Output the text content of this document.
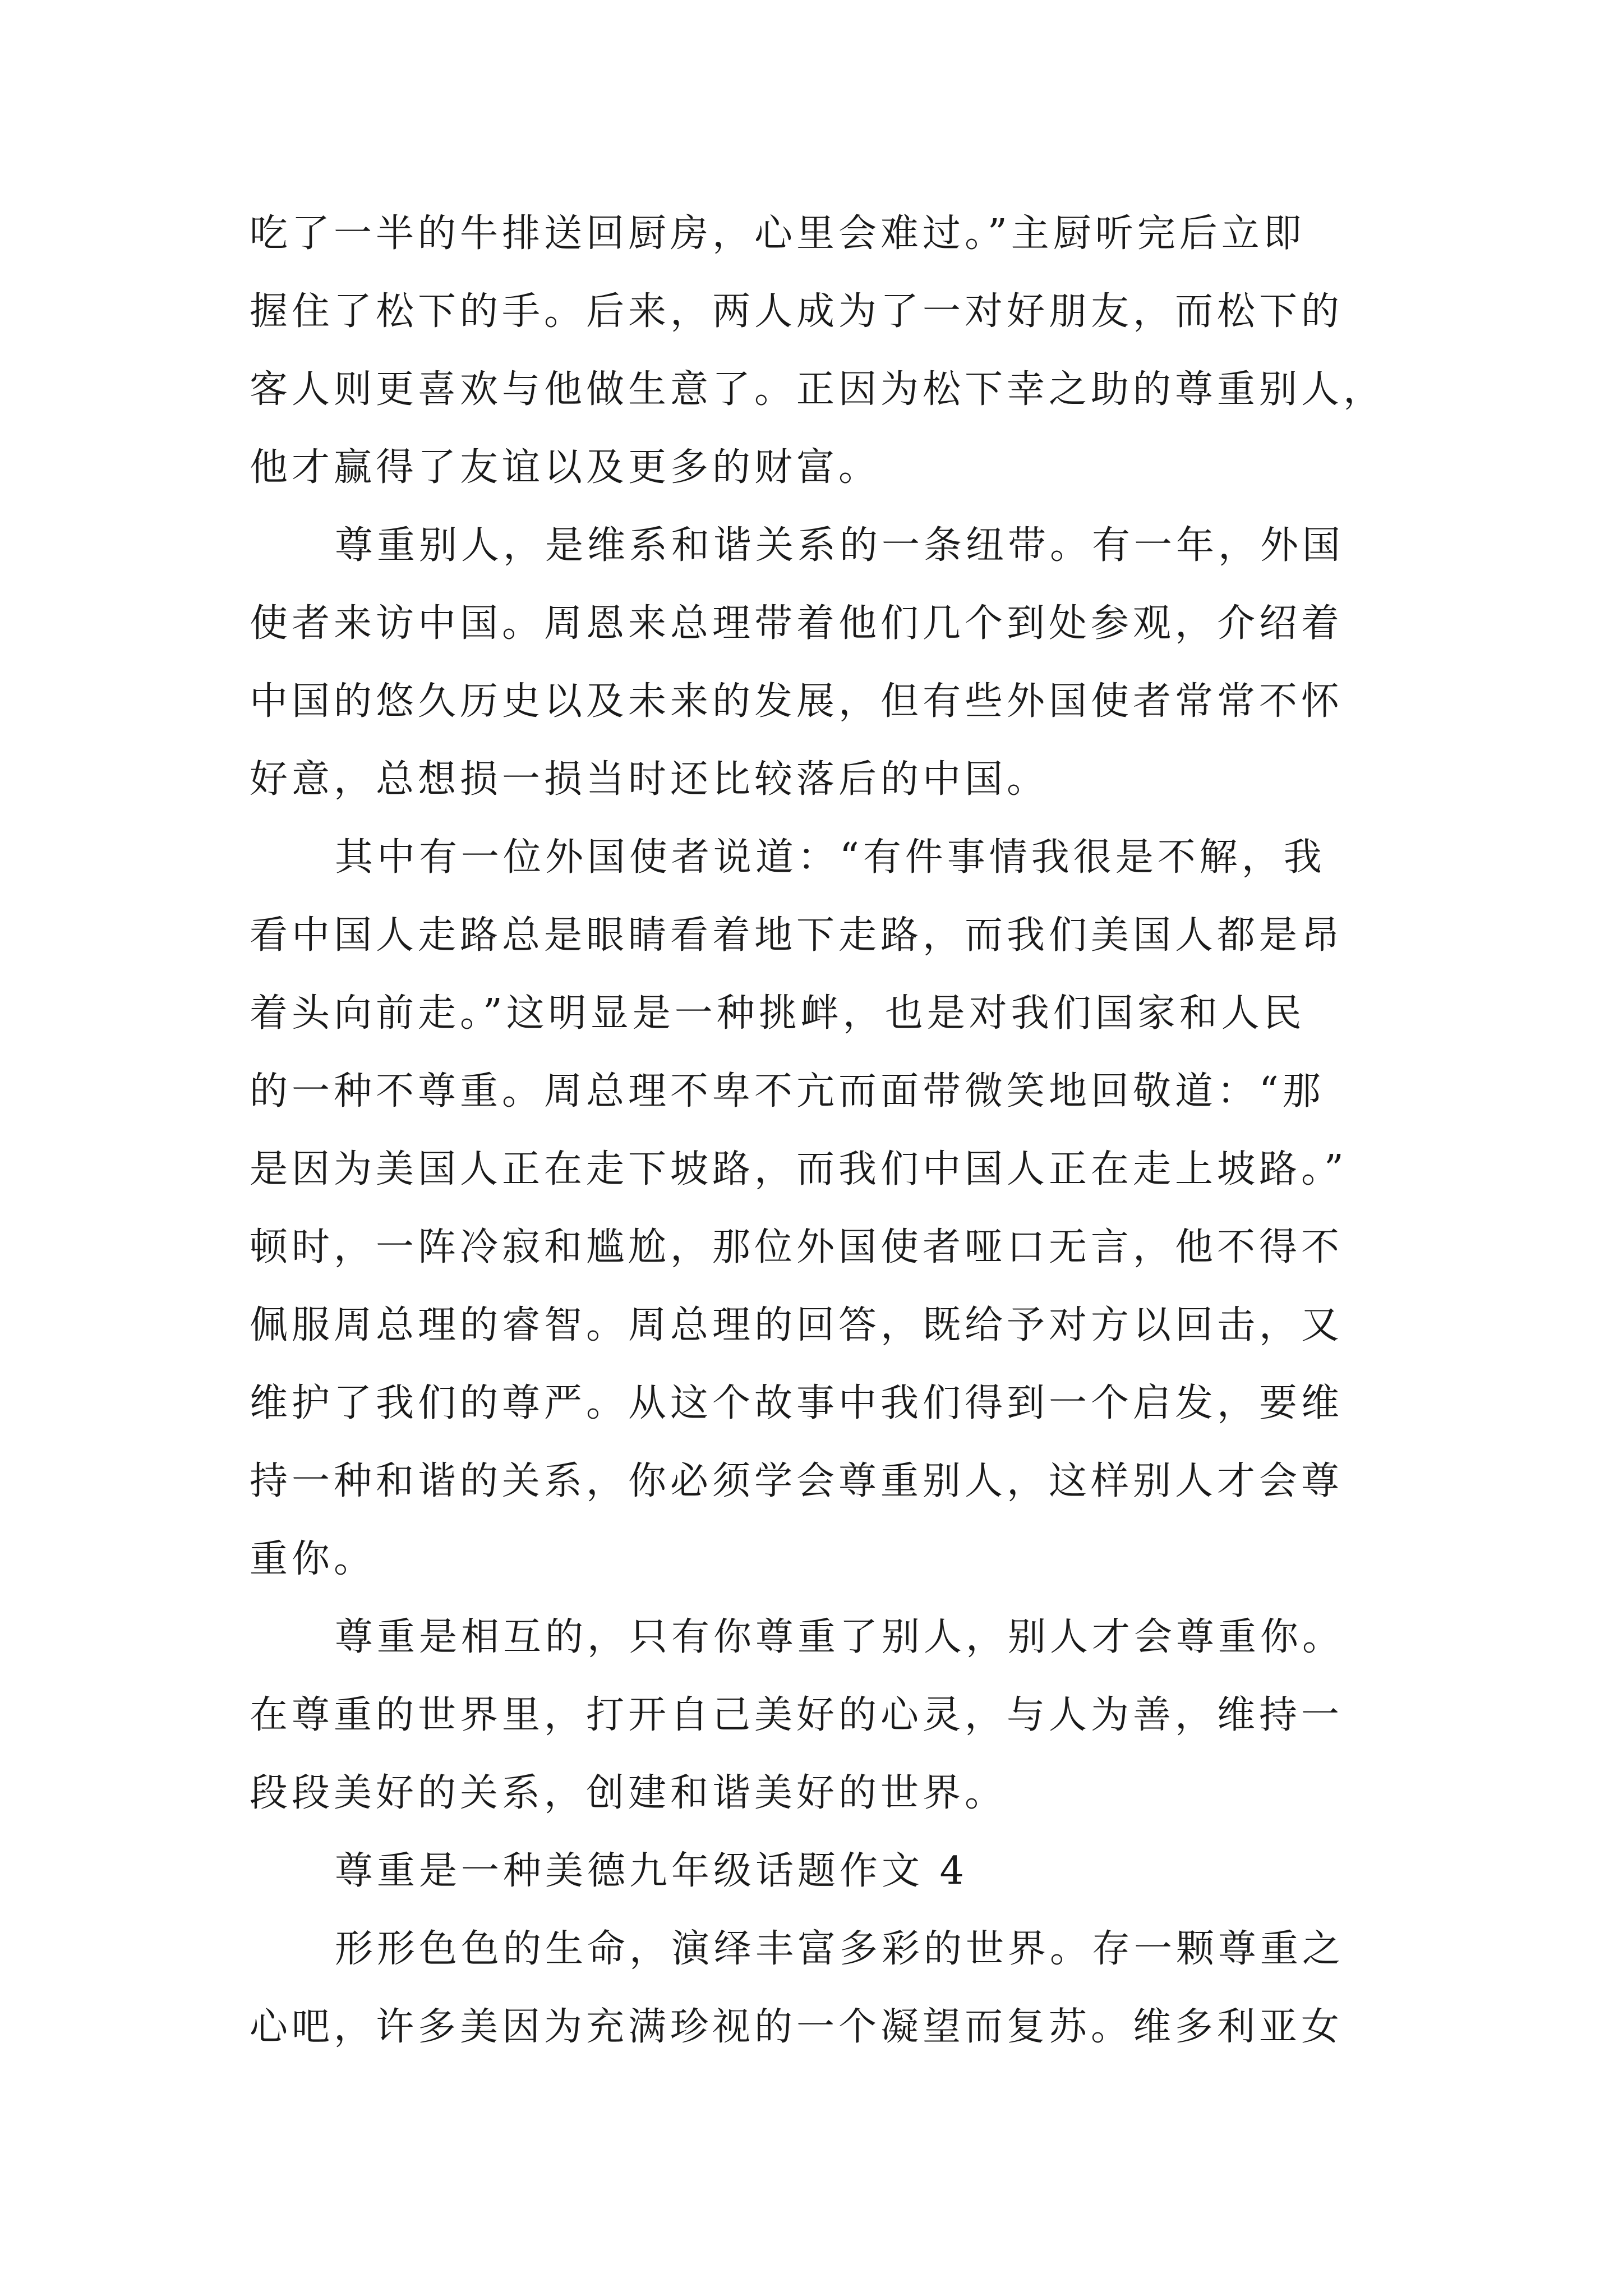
吃了一半的牛排送回厨房，心里会难过。”主厨听完后立即
握住了松下的手。后来，两人成为了一对好朋友，而松下的
客人则更喜欢与他做生意了。正因为松下幸之助的尊重别人，
他才赢得了友谊以及更多的财富。
尊重别人，是维系和谐关系的一条纽带。有一年，外国
使者来访中国。周恩来总理带着他们几个到处参观，介绍着
中国的悠久历史以及未来的发展，但有些外国使者常常不怀
好意，总想损一损当时还比较落后的中国。
其中有一位外国使者说道：“有件事情我很是不解，我
看中国人走路总是眼睛看着地下走路，而我们美国人都是昂
着头向前走。”这明显是一种挑衅，也是对我们国家和人民
的一种不尊重。周总理不卑不亢而面带微笑地回敬道：“那
是因为美国人正在走下坡路，而我们中国人正在走上坡路。”
顿时，一阵冷寂和尴尬，那位外国使者哑口无言，他不得不
佩服周总理的睿智。周总理的回答，既给予对方以回击，又
维护了我们的尊严。从这个故事中我们得到一个启发，要维
持一种和谐的关系，你必须学会尊重别人，这样别人才会尊
重你。
尊重是相互的，只有你尊重了别人，别人才会尊重你。
在尊重的世界里，打开自己美好的心灵，与人为善，维持一
段段美好的关系，创建和谐美好的世界。
尊重是一种美德九年级话题作文 4
形形色色的生命，演绎丰富多彩的世界。存一颗尊重之
心吧，许多美因为充满珍视的一个凝望而复苏。维多利亚女
